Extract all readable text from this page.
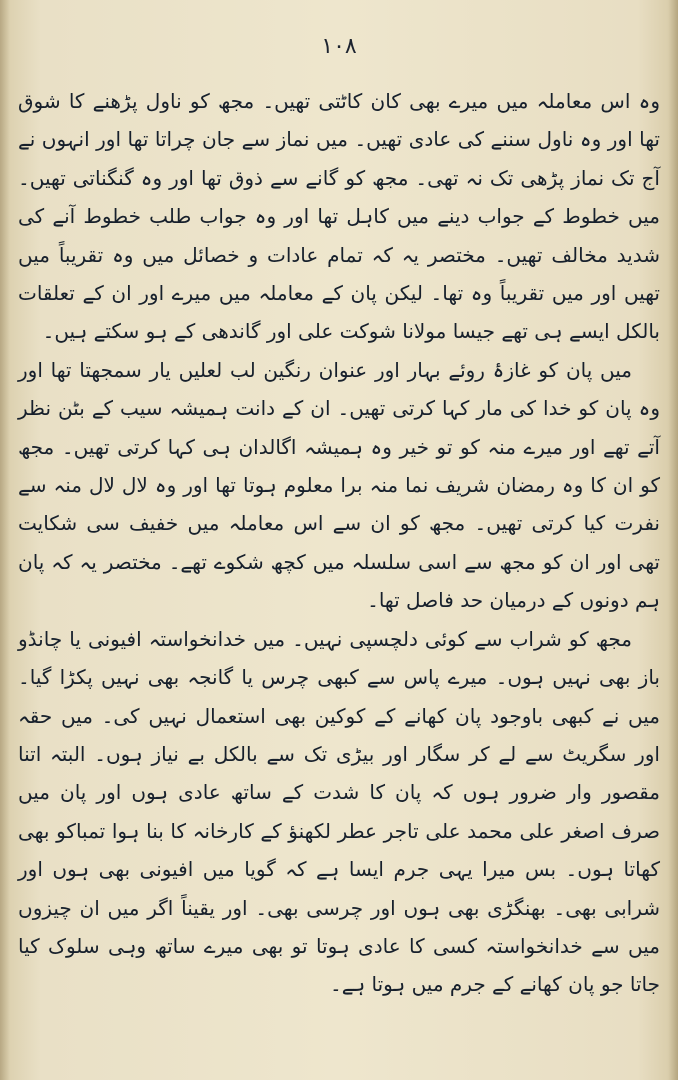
۱۰۸

وہ اس معاملہ میں میرے بھی کان کاٹتی تھیں۔ مجھ کو ناول پڑھنے کا شوق تھا اور وہ ناول سننے کی عادی تھیں۔ میں نماز سے جان چراتا تھا اور انہوں نے آج تک نماز پڑھی تک نہ تھی۔ مجھ کو گانے سے ذوق تھا اور وہ گنگناتی تھیں۔ میں خطوط کے جواب دینے میں کاہل تھا اور وہ جواب طلب خطوط آنے کی شدید مخالف تھیں۔ مختصر یہ کہ تمام عادات و خصائل میں وہ تقریباً میں تھیں اور میں تقریباً وہ تھا۔ لیکن پان کے معاملہ میں میرے اور ان کے تعلقات بالکل ایسے ہی تھے جیسا مولانا شوکت علی اور گاندھی کے ہو سکتے ہیں۔

میں پان کو غازۂ روئے بہار اور عنوان رنگین لب لعلیں یار سمجھتا تھا اور وہ پان کو خدا کی مار کہا کرتی تھیں۔ ان کے دانت ہمیشہ سیب کے بٹن نظر آتے تھے اور میرے منہ کو تو خیر وہ ہمیشہ اگالدان ہی کہا کرتی تھیں۔ مجھ کو ان کا وہ رمضان شریف نما منہ برا معلوم ہوتا تھا اور وہ لال لال منہ سے نفرت کیا کرتی تھیں۔ مجھ کو ان سے اس معاملہ میں خفیف سی شکایت تھی اور ان کو مجھ سے اسی سلسلہ میں کچھ شکوے تھے۔ مختصر یہ کہ پان ہم دونوں کے درمیان حد فاصل تھا۔

مجھ کو شراب سے کوئی دلچسپی نہیں۔ میں خدانخواستہ افیونی یا چانڈو باز بھی نہیں ہوں۔ میرے پاس سے کبھی چرس یا گانجہ بھی نہیں پکڑا گیا۔ میں نے کبھی باوجود پان کھانے کے کوکین بھی استعمال نہیں کی۔ میں حقہ اور سگریٹ سے لے کر سگار اور بیڑی تک سے بالکل بے نیاز ہوں۔ البتہ اتنا مقصور وار ضرور ہوں کہ پان کا شدت کے ساتھ عادی ہوں اور پان میں صرف اصغر علی محمد علی تاجر عطر لکھنؤ کے کارخانہ کا بنا ہوا تمباکو بھی کھاتا ہوں۔ بس میرا یہی جرم ایسا ہے کہ گویا میں افیونی بھی ہوں اور شرابی بھی۔ بھنگڑی بھی ہوں اور چرسی بھی۔ اور یقیناً اگر میں ان چیزوں میں سے خدانخواستہ کسی کا عادی ہوتا تو بھی میرے ساتھ وہی سلوک کیا جاتا جو پان کھانے کے جرم میں ہوتا ہے۔
